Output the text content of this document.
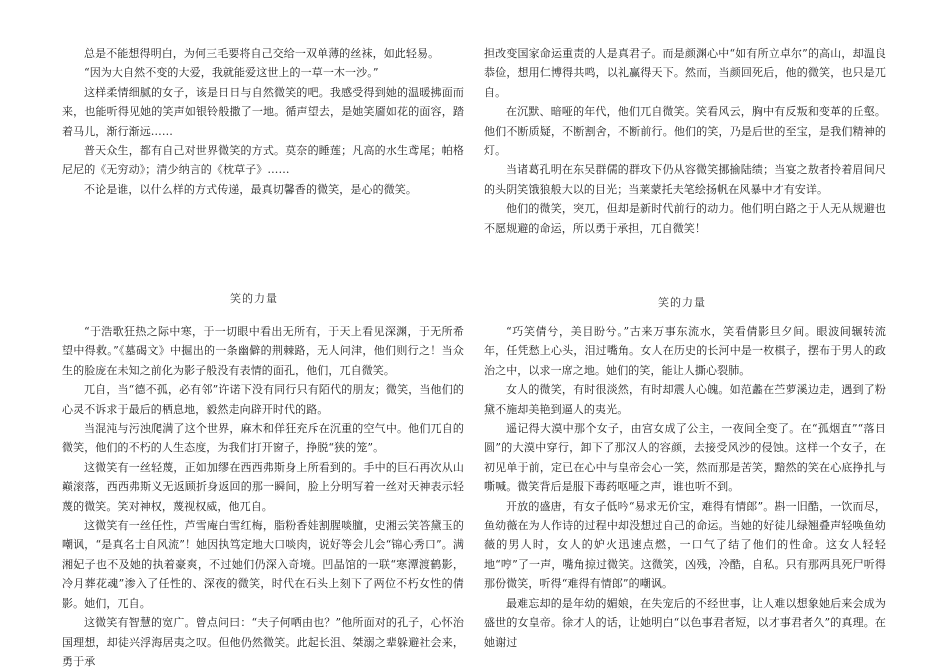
总是不能想得明白，为何三毛要将自己交给一双单薄的丝袜，如此轻易。

“因为大自然不变的大爱，我就能爱这世上的一草一木一沙。”

这样柔情细腻的女子，该是日日与自然微笑的吧。我感受得到她的温暖拂面而来，也能听得见她的笑声如银铃般撒了一地。循声望去，是她笑靥如花的面容，踏着马儿，渐行渐远……

普天众生，都有自己对世界微笑的方式。莫奈的睡莲；凡高的水生鸢尾；帕格尼尼的《无穷动》；清少纳言的《枕草子》……

不论是谁，以什么样的方式传递，最真切馨香的微笑，是心的微笑。

笑的力量

“于浩歌狂热之际中寒，于一切眼中看出无所有，于天上看见深渊，于无所希望中得救。”《墓碣文》中掘出的一条幽僻的荆棘路，无人问津，他们则行之！当众生的脸庞在未知之前化为影子般没有表情的面孔，他们，兀自微笑。

兀自，当“德不孤，必有邻”许诺下没有同行只有陌代的朋友；微笑，当他们的心灵不诉求于最后的栖息地，毅然走向辟开时代的路。

当混沌与污浊爬满了这个世界，麻木和佯狂充斥在沉重的空气中。他们兀自的微笑，他们的不朽的人生态度，为我们打开窗子，挣脱“狭的笼”。

这微笑有一丝轻蔑，正如加缪在西西弗斯身上所看到的。手中的巨石再次从山巅滚落，西西弗斯义无返顾折身返回的那一瞬间，脸上分明写着一丝对天神表示轻蔑的微笑。笑对神权，蔑视权威，他兀自。

这微笑有一丝任性，芦雪庵白雪红梅，脂粉香娃割腥啖膻，史湘云笑答黛玉的嘲讽，“是真名士自风流”！她因执笃定地大口啖肉，说好等会儿会“锦心秀口”。满湘妃子也不及她的执着豪爽，不过她们仍深入奇境。凹晶馆的一联“寒潭渡鹤影，冷月葬花魂”渗入了任性的、深夜的微笑，时代在石头上刻下了两位不朽女性的倩影。她们，兀自。

这微笑有智慧的宽广。曾点问曰：“夫子何哂由也？”他所面对的孔子，心怀治国理想，却徒兴浮海居夷之叹。但他仍然微笑。此起长沮、桀溺之辈躲避社会来，勇于承

担改变国家命运重责的人是真君子。而是颜渊心中“如有所立卓尔”的高山，却温良恭俭，想用仁博得共鸣，以礼赢得天下。然而，当颜回死后，他的微笑，也只是兀自。

在沉默、暗哑的年代，他们兀自微笑。笑看风云，胸中有反叛和变革的丘壑。他们不断质疑，不断割舍，不断前行。他们的笑，乃是后世的至宝，是我们精神的灯。

当诸葛孔明在东吴群儒的群攻下仍从容微笑挪揄陆绩；当宴之敖者拎着眉间尺的头阴笑饿狼般大以的目光；当莱蒙托夫笔绘扬帆在风暴中才有安详。

他们的微笑，突兀，但却是新时代前行的动力。他们明白路之于人无从规避也不愿规避的命运，所以勇于承担，兀自微笑！

笑的力量

“巧笑倩兮，美目盼兮。”古来万事东流水，笑看倩影旦夕间。眼波间辗转流年，任凭愁上心头，泪过嘴角。女人在历史的长河中是一枚棋子，摆布于男人的政治之中，以求一席之地。她们的笑，能让人撕心裂肺。

女人的微笑，有时很淡然，有时却震人心魄。如范蠡在苎萝溪边走，遇到了粉黛不施却美艳到逼人的夷光。

遥记得大漠中那个女子，由宫女成了公主，一夜间全变了。在“孤烟直”“落日圆”的大漠中穿行，卸下了那汉人的容颜，去接受风沙的侵蚀。这样一个女子，在初见单于前，定已在心中与皇帝会心一笑，然而那是苦笑，黯然的笑在心底挣扎与嘶喊。微笑背后是服下毒药呕哑之声，谁也听不到。

开放的盛唐，有女子低吟“易求无价宝，难得有情郎”。斟一旧酷，一饮而尽，鱼幼薇在为人作诗的过程中却没想过自己的命运。当她的好徒儿绿翘叠声轻唤鱼幼薇的男人时，女人的妒火迅速点燃，一口气了结了他们的性命。这女人轻轻地“哼”了一声，嘴角掠过微笑。这微笑，凶残，冷酷，自私。只有那两具死尸听得那份微笑，听得“难得有情郎”的嘲讽。

最难忘却的是年幼的媚娘，在失宠后的不经世事，让人难以想象她后来会成为盛世的女皇帝。徐才人的话，让她明白“以色事君者短，以才事君者久”的真理。在她谢过
